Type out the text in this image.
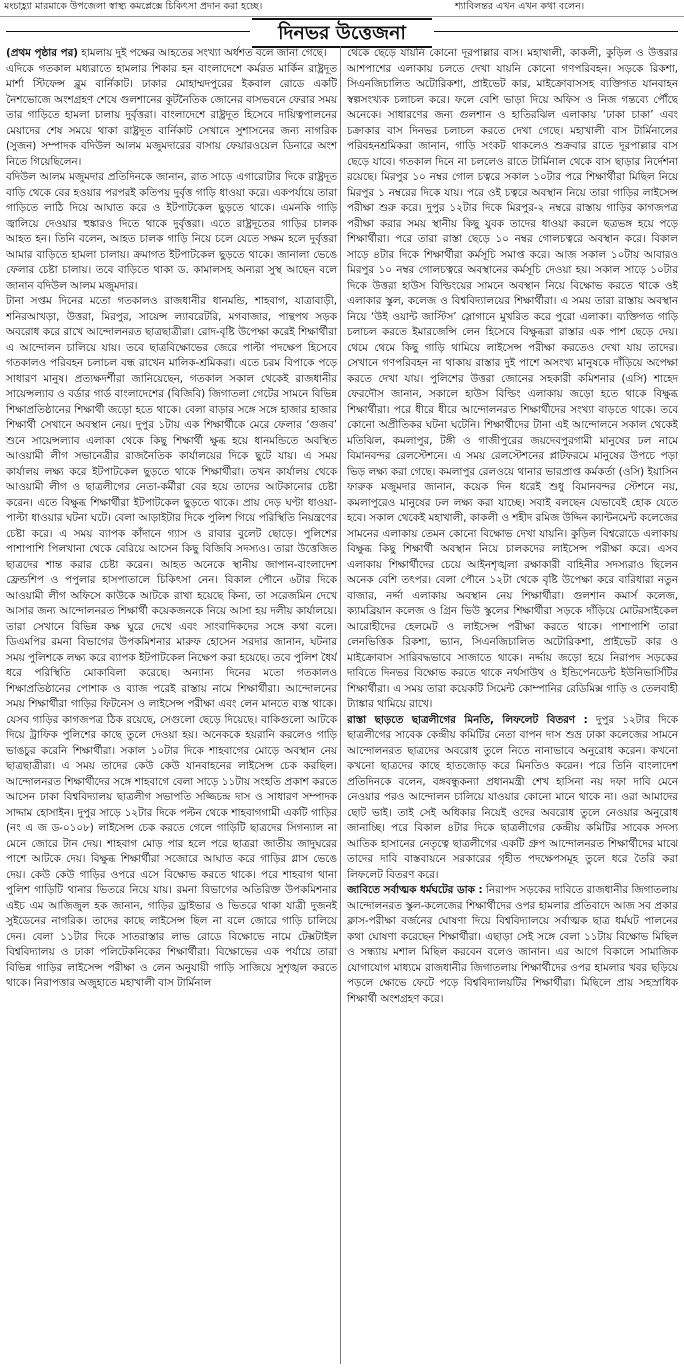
মংচাহ্ল্যা মারমাকে উপজেলা স্বাস্থ্য কমপ্লেক্সে চিকিৎসা প্রদান করা হচ্ছে।	শ্যাবিলন্তর এখন এখন কথা বলেন।
দিনভর উত্তেজনা

(প্রথম পৃষ্ঠার পর) হামলায় দুই পক্ষের আহতের সংখ্যা অর্ধশত বলে জানা গেছে।

এদিকে গতকাল মধ্যরাতে হামলার শিকার হন বাংলাদেশে কর্মরত মার্কিন রাষ্ট্রদূত মার্শা স্টিফেন্স ব্লুম বার্নিকাট। ঢাকার মোহাম্মদপুরের ইকবাল রোডে একটি নৈশভোজে অংশগ্রহণ শেষে গুলশানের কূটনৈতিক জোনের বাসভবনে ফেরার সময় তার গাড়িতে হামলা চালায় দুর্বৃত্তরা। বাংলাদেশে রাষ্ট্রদূত হিসেবে দায়িত্বপালনের মেয়াদের শেষ সময়ে থাকা রাষ্ট্রদূত বার্নিকাট সেখানে সুশাসনের জন্য নাগরিক (সুজন) সম্পাদক বদিউল আলম মজুমদারের বাসায় ফেয়ারওয়েল ডিনারে অংশ নিতে গিয়েছিলেন।

বদিউল আলম মজুমদার প্রতিদিনকে জানান, রাত সাড়ে এগারোটার দিকে রাষ্ট্রদূত বাড়ি থেকে বের হওয়ার পরপরই কতিপয় দুর্বৃত্ত গাড়ি ধাওয়া করে। একপর্যায়ে তারা গাড়িতে লাঠি দিয়ে আঘাত করে ও ইটপাটকেল ছুড়তে থাকে। এমনকি গাড়ি জ্বালিয়ে দেওয়ার হুঙ্কারও দিতে থাকে দুর্বৃত্তরা। এতে রাষ্ট্রদূতের গাড়ির চালক আহত হন। তিনি বলেন, আহত চালক গাড়ি নিয়ে চলে যেতে সক্ষম হলে দুর্বৃত্তরা আমার বাড়িতে হামলা চালায়। ক্রমাগত ইটপাটকেল ছুড়তে থাকে। জানালা ভেঙে ফেলার চেষ্টা চালায়। তবে বাড়িতে থাকা ড. কামালসহ অন্যরা সুস্থ আছেন বলে জানান বদিউল আলম মজুমদার।

টানা সপ্তম দিনের মতো গতকালও রাজধানীর ধানমন্ডি, শাহবাগ, যাত্রাবাড়ী, শনিরআখড়া, উত্তরা, মিরপুর, সায়েন্স ল্যাবরেটরি, মগবাজার, পান্থপথ সড়ক অবরোধ করে রাখে আন্দোলনরত ছাত্রছাত্রীরা। রোদ-বৃষ্টি উপেক্ষা করেই শিক্ষার্থীরা এ আন্দোলন চালিয়ে যায়। তবে ছাত্রবিক্ষোভের জেরে পাল্টা পদক্ষেপ হিসেবে গতকালও পরিবহন চলাচল বন্ধ রাখেন মালিক-শ্রমিকরা। এতে চরম বিপাকে পড়ে সাধারণ মানুষ। প্রত্যক্ষদর্শীরা জানিয়েছেন, গতকাল সকাল থেকেই রাজধানীর সায়েন্সল্যাব ও বর্ডার গার্ড বাংলাদেশের (বিজিবি) জিগাতলা গেটের সামনে বিভিন্ন শিক্ষাপ্রতিষ্ঠানের শিক্ষার্থী জড়ো হতে থাকে। বেলা বাড়ার সঙ্গে সঙ্গে হাজার হাজার শিক্ষার্থী সেখানে অবস্থান নেয়। দুপুর ১টায় এক শিক্ষার্থীকে মেরে ফেলার ‘গুজব’ শুনে সায়েন্সল্যাব এলাকা থেকে কিছু শিক্ষার্থী ক্ষুব্ধ হয়ে ধানমন্ডিতে অবস্থিত আওয়ামী লীগ সভানেত্রীর রাজনৈতিক কার্যালয়ের দিকে ছুটে যায়। এ সময় কার্যালয় লক্ষ্য করে ইটপাটকেল ছুড়তে থাকে শিক্ষার্থীরা। তখন কার্যালয় থেকে আওয়ামী লীগ ও ছাত্রলীগের নেতা-কর্মীরা বের হয়ে তাদের আটকানোর চেষ্টা করেন। এতে বিক্ষুব্ধ শিক্ষার্থীরা ইটপাটকেল ছুড়তে থাকে। প্রায় দেড় ঘণ্টা ধাওয়া-পাল্টা ধাওয়ার ঘটনা ঘটে। বেলা আড়াইটার দিকে পুলিশ গিয়ে পরিস্থিতি নিয়ন্ত্রণের চেষ্টা করে। এ সময় ব্যাপক কাঁদানে গ্যাস ও রাবার বুলেট ছোড়ে। পুলিশের পাশাপাশি পিলখানা থেকে বেরিয়ে আসেন কিছু বিজিবি সদস্যও। তারা উত্তেজিত ছাত্রদের শান্ত করার চেষ্টা করেন। আহত অনেকে স্থানীয় জাপান-বাংলাদেশ ফ্রেন্ডশিপ ও পপুলার হাসপাতালে চিকিৎসা নেন। বিকাল পৌনে ৬টার দিকে আওয়ামী লীগ অফিসে কাউকে আটকে রাখা হয়েছে কিনা, তা সরেজমিন দেখে আসার জন্য আন্দোলনরত শিক্ষার্থী কয়েকজনকে নিয়ে আসা হয় দলীয় কার্যালয়ে। তারা সেখানে বিভিন্ন কক্ষ ঘুরে দেখে এবং সাংবাদিকদের সঙ্গে কথা বলে। ডিএমপির রমনা বিভাগের উপকমিশনার মারুফ হোসেন সরদার জানান, ঘটনার সময় পুলিশকে লক্ষ্য করে ব্যাপক ইটপাটকেল নিক্ষেপ করা হয়েছে। তবে পুলিশ ধৈর্য ধরে পরিস্থিতি মোকাবিলা করেছে। অন্যান্য দিনের মতো গতকালও শিক্ষাপ্রতিষ্ঠানের পোশাক ও ব্যাজ পরেই রাস্তায় নামে শিক্ষার্থীরা। আন্দোলনের সময় শিক্ষার্থীরা গাড়ির ফিটনেস ও লাইসেন্স পরীক্ষা এবং লেন মানতে ব্যস্ত থাকে। যেসব গাড়ির কাগজপত্র ঠিক রয়েছে, সেগুলো ছেড়ে দিয়েছে। বাকিগুলো আটকে দিয়ে ট্রাফিক পুলিশের কাছে তুলে দেওয়া হয়। অনেককে হয়রানি করলেও গাড়ি ভাঙচুর করেনি শিক্ষার্থীরা। সকাল ১০টার দিকে শাহবাগের মোড়ে অবস্থান নেয় ছাত্রছাত্রীরা। এ সময় তাদের কেউ কেউ যানবাহনের লাইসেন্স চেক করছিল। আন্দোলনরত শিক্ষার্থীদের সঙ্গে শাহবাগে বেলা সাড়ে ১১টায় সংহতি প্রকাশ করতে আসেন ঢাকা বিশ্ববিদ্যালয় ছাত্রলীগ সভাপতি সজ্জিচন্দ্র দাস ও সাধারণ সম্পাদক সাদ্দাম হোসাইন। দুপুর সাড়ে ১২টার দিকে পল্টন থেকে শাহবাগগামী একটি গাড়ির (নং এ জ ড-০১০৮) লাইসেন্স চেক করতে গেলে গাড়িটি ছাত্রদের সিগন্যাল না মেনে জোরে টান দেয়। শাহবাগ মোড় পার হলে পরে ছাত্ররা জাতীয় জাদুঘরের পাশে আটকে দেয়। বিক্ষুব্ধ শিক্ষার্থীরা সজোরে আঘাত করে গাড়ির গ্লাস ভেঙে দেয়। কেউ কেউ গাড়ির ওপরে এসে বিক্ষোভ করতে থাকে। পরে শাহবাগ থানা পুলিশ গাড়িটি থানার ভিতরে নিয়ে যায়। রমনা বিভাগের অতিরিক্ত উপকমিশনার এইচ এম আজিজুল হক জানান, গাড়ির ড্রাইভার ও ভিতরে থাকা যাত্রী দুজনই সুইডেনের নাগরিক। তাদের কাছে লাইসেন্স ছিল না বলে জোরে গাড়ি চালিয়ে দেন। বেলা ১১টার দিকে সাতরাস্তার লাভ রোডে বিক্ষোভে নামে টেক্সটাইল বিশ্ববিদ্যালয় ও ঢাকা পলিটেকনিকের শিক্ষার্থীরা। বিক্ষোভের এক পর্যায়ে তারা বিভিন্ন গাড়ির লাইসেন্স পরীক্ষা ও লেন অনুযায়ী গাড়ি সাজিয়ে সুশৃঙ্খল করতে থাকে। নিরাপত্তার অজুহাতে মহাখালী বাস টার্মিনাল

থেকে ছেড়ে যায়নি কোনো দূরপাল্লার বাস। মহাখালী, কাকলী, কুড়িল ও উত্তরার আশপাশের এলাকায় চলতে দেখা যায়নি কোনো গণপরিবহন। সড়কে রিকশা, সিএনজিচালিত অটোরিকশা, প্রাইভেট কার, মাইক্রোবাসসহ ব্যক্তিগত যানবাহন স্বল্পসংখ্যক চলাচল করে। ফলে বেশি ভাড়া দিয়ে অফিস ও নিজ গন্তব্যে পৌঁছে অনেকে। সাধারণের জন্য গুলশান ও হাতিরঝিল এলাকায় ‘ঢাকা চাকা’ এবং চক্রাকার বাস দিনভর চলাচল করতে দেখা গেছে। মহাখালী বাস টার্মিনালের পরিবহনশ্রমিকরা জানান, গাড়ি সংকট থাকলেও শুক্রবার রাতে দূরপাল্লার বাস ছেড়ে যাবে। গতকাল দিনে না চললেও রাতে টার্মিনাল থেকে বাস ছাড়ার নির্দেশনা রয়েছে। মিরপুর ১০ নম্বর গোল চত্বরে সকাল ১০টার পরে শিক্ষার্থীরা মিছিল নিয়ে মিরপুর ১ নম্বরের দিকে যায়। পরে ওই চত্বরে অবস্থান নিয়ে তারা গাড়ির লাইসেন্স পরীক্ষা শুরু করে। দুপুর ১২টার দিকে মিরপুর-২ নম্বরে রাস্তায় গাড়ির কাগজপত্র পরীক্ষা করার সময় স্থানীয় কিছু যুবক তাদের ধাওয়া করলে ছত্রভঙ্গ হয়ে পড়ে শিক্ষার্থীরা। পরে তারা রাস্তা ছেড়ে ১০ নম্বর গোলচত্বরে অবস্থান করে। বিকাল সাড়ে ৪টার দিকে শিক্ষার্থীরা কর্মসূচি সমাপ্ত করে। আজ সকাল ১০টায় আবারও মিরপুর ১০ নম্বর গোলচত্বরে অবস্থানের কর্মসূচি দেওয়া হয়। সকাল সাড়ে ১০টার দিকে উত্তরা হাউস বিল্ডিংয়ের সামনে অবস্থান নিয়ে বিক্ষোভ করতে থাকে ওই এলাকার স্কুল, কলেজ ও বিশ্ববিদ্যালয়ের শিক্ষার্থীরা। এ সময় তারা রাস্তায় অবস্থান নিয়ে ‘উই ওয়ান্ট জাস্টিস’ স্লোগানে মুখরিত করে পুরো এলাকা। ব্যক্তিগত গাড়ি চলাচল করতে ইমারজেন্সি লেন হিসেবে বিক্ষুব্ধরা রাস্তার এক পাশ ছেড়ে দেয়। থেমে থেমে কিছু গাড়ি থামিয়ে লাইসেন্স পরীক্ষা করতেও দেখা যায় তাদের। সেখানে গণপরিবহন না থাকায় রাস্তার দুই পাশে অসংখ্য মানুষকে দাঁড়িয়ে অপেক্ষা করতে দেখা যায়। পুলিশের উত্তরা জোনের সহকারী কমিশনার (এসি) শাহেদ ফেরদৌস জানান, সকালে হাউস বিল্ডিং এলাকায় জড়ো হতে থাকে বিক্ষুব্ধ শিক্ষার্থীরা। পরে ধীরে ধীরে আন্দোলনরত শিক্ষার্থীদের সংখ্যা বাড়তে থাকে। তবে কোনো অপ্রীতিকর ঘটনা ঘটেনি। শিক্ষার্থীদের টানা এই আন্দোলনে সকাল থেকেই মতিঝিল, কমলাপুর, টঙ্গী ও গাজীপুরের জয়দেবপুরগামী মানুষের ঢল নামে বিমানবন্দর রেলস্টেশনে। এ সময় রেলস্টেশনের প্লাটফরমে মানুষের উপচে পড়া ভিড় লক্ষ্য করা গেছে। কমলাপুর রেলওয়ে থানার ভারপ্রাপ্ত কর্মকর্তা (ওসি) ইয়াসিন ফারুক মজুমদার জানান, কয়েক দিন ধরেই শুধু বিমানবন্দর স্টেশনে নয়, কমলাপুরেও মানুষের ঢল লক্ষ্য করা যাচ্ছে। সবাই বলছেন যেভাবেই হোক যেতে হবে। সকাল থেকেই মহাখালী, কাকলী ও শহীদ রমিজ উদ্দিন ক্যান্টনমেন্ট কলেজের সামনের এলাকায় তেমন কোনো বিক্ষোভ দেখা যায়নি। কুড়িল বিশ্বরোডে এলাকায় বিক্ষুব্ধ কিছু শিক্ষার্থী অবস্থান নিয়ে চালকদের লাইসেন্স পরীক্ষা করে। এসব এলাকায় শিক্ষার্থীদের চেয়ে আইনশৃঙ্খলা রক্ষাকারী বাহিনীর সদস্যরাও ছিলেন অনেক বেশি তৎপর। বেলা পৌনে ১২টা থেকে বৃষ্টি উপেক্ষা করে বারিধারা নতুন বাজার, নর্দ্দা এলাকায় অবস্থান নেয় শিক্ষার্থীরা। গুলশান কমার্স কলেজ, ক্যামব্রিয়ান কলেজ ও গ্রিন ভিউ স্কুলের শিক্ষার্থীরা সড়কে দাঁড়িয়ে মোটরসাইকেল আরোহীদের হেলমেট ও লাইসেন্স পরীক্ষা করতে থাকে। পাশাপাশি তারা লেনভিত্তিক রিকশা, ভ্যান, সিএনজিচালিত অটোরিকশা, প্রাইভেট কার ও মাইক্রোবাস সারিবদ্ধভাবে সাজাতে থাকে। নর্দ্দায় জড়ো হয়ে নিরাপদ সড়কের দাবিতে দিনভর বিক্ষোভ করতে থাকে নর্থসাউথ ও ইন্ডিপেনডেন্ট ইউনিভার্সিটির শিক্ষার্থীরা। এ সময় তারা কয়েকটি সিমেন্ট কোম্পানির রেডিমিক্স গাড়ি ও তেলবাহী ট্যাঙ্কার থামিয়ে রাখে।

রাস্তা ছাড়তে ছাত্রলীগের মিনতি, লিফলেট বিতরণ : দুপুর ১২টার দিকে ছাত্রলীগের সাবেক কেন্দ্রীয় কমিটির নেতা বাপন দাস শুভ্র ঢাকা কলেজের সামনে আন্দোলনরত ছাত্রদের অবরোধ তুলে নিতে নানাভাবে অনুরোধ করেন। কখনো কখনো ছাত্রদের কাছে হাতজোড় করে মিনতিও করেন। পরে তিনি বাংলাদেশ প্রতিদিনকে বলেন, বঙ্গবন্ধুকন্যা প্রধানমন্ত্রী শেখ হাসিনা নয় দফা দাবি মেনে নেওয়ার পরও আন্দোলন চালিয়ে যাওয়ার কোনো মানে থাকে না। ওরা আমাদের ছোট ভাই। তাই সেই অধিকার নিয়েই ওদের অবরোধ তুলে নেওয়ার অনুরোধ জানাচ্ছি। পরে বিকাল ৪টার দিকে ছাত্রলীগের কেন্দ্রীয় কমিটির সাবেক সদস্য আতিক হাসানের নেতৃত্বে ছাত্রলীগের একটি গ্রুপ আন্দোলনরত শিক্ষার্থীদের মাঝে তাদের দাবি বাস্তবায়নে সরকারের গৃহীত পদক্ষেপসমূহ তুলে ধরে তৈরি করা লিফলেট বিতরণ করে।

জাবিতে সর্বাত্মক ধর্মঘটের ডাক : নিরাপদ সড়কের দাবিতে রাজধানীর জিগাতলায় আন্দোলনরত স্কুল-কলেজের শিক্ষার্থীদের ওপর হামলার প্রতিবাদে আজ সব প্রকার ক্লাস-পরীক্ষা বর্জনের ঘোষণা দিয়ে বিশ্ববিদ্যালয়ে সর্বাত্মক ছাত্র ধর্মঘট পালনের কথা ঘোষণা করেছেন শিক্ষার্থীরা। এছাড়া সেই সঙ্গে বেলা ১১টায় বিক্ষোভ মিছিল ও সন্ধ্যায় মশাল মিছিল করবেন বলেও জানান। এর আগে বিকালে সামাজিক যোগাযোগ মাধ্যমে রাজধানীর জিগাতলায় শিক্ষার্থীদের ওপর হামলার খবর ছড়িয়ে পড়লে ক্ষোভে ফেটে পড়ে বিশ্ববিদ্যালয়টির শিক্ষার্থীরা। মিছিলে প্রায় সহস্রাধিক শিক্ষার্থী অংশগ্রহণ করে।
